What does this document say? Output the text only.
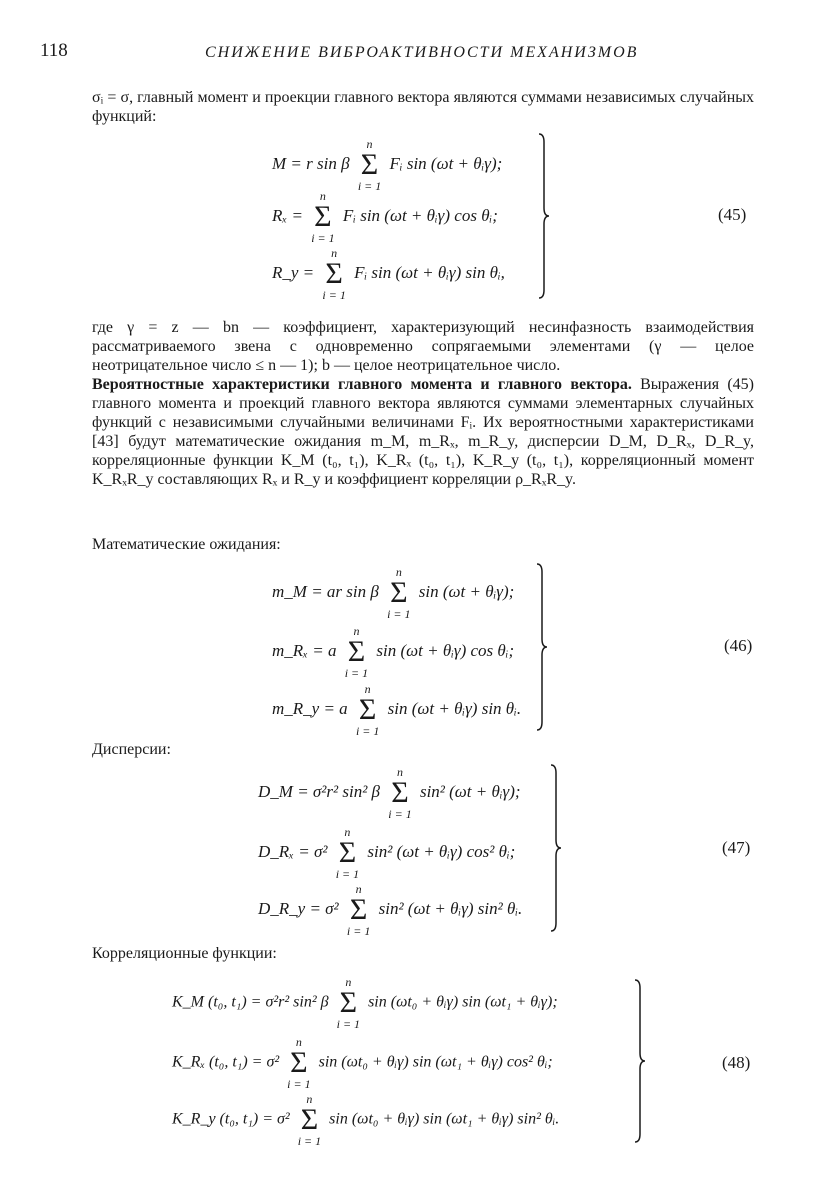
118	СНИЖЕНИЕ ВИБРОАКТИВНОСТИ МЕХАНИЗМОВ
σᵢ = σ, главный момент и проекции главного вектора являются суммами независимых случайных функций:
M = r sin β
n
Σ
i = 1
Fᵢ sin (ωt + θᵢγ);
Rₓ =
n
Σ
i = 1
Fᵢ sin (ωt + θᵢγ) cos θᵢ;
R_y =
n
Σ
i = 1
Fᵢ sin (ωt + θᵢγ) sin θᵢ,
(45)
где γ = z — bn — коэффициент, характеризующий несинфазность взаимодействия рассматриваемого звена с одновременно сопрягаемыми элементами (γ — целое неотрицательное число ≤ n — 1); b — целое неотрицательное число.
Вероятностные характеристики главного момента и главного вектора. Выражения (45) главного момента и проекций главного вектора являются суммами элементарных случайных функций с независимыми случайными величинами Fᵢ. Их вероятностными характеристиками [43] будут математические ожидания m_M, m_Rₓ, m_R_y, дисперсии D_M, D_Rₓ, D_R_y, корреляционные функции K_M (t₀, t₁), K_Rₓ (t₀, t₁), K_R_y (t₀, t₁), корреляционный момент K_RₓR_y составляющих Rₓ и R_y и коэффициент корреляции ρ_RₓR_y.
Математические ожидания:
m_M = ar sin β
n
Σ
i = 1
sin (ωt + θᵢγ);
m_Rₓ = a
n
Σ
i = 1
sin (ωt + θᵢγ) cos θᵢ;
m_R_y = a
n
Σ
i = 1
sin (ωt + θᵢγ) sin θᵢ.
(46)
Дисперсии:
D_M = σ²r² sin² β
n
Σ
i = 1
sin² (ωt + θᵢγ);
D_Rₓ = σ²
n
Σ
i = 1
sin² (ωt + θᵢγ) cos² θᵢ;
D_R_y = σ²
n
Σ
i = 1
sin² (ωt + θᵢγ) sin² θᵢ.
(47)
Корреляционные функции:
K_M (t₀, t₁) = σ²r² sin² β
n
Σ
i = 1
sin (ωt₀ + θᵢγ) sin (ωt₁ + θᵢγ);
K_Rₓ (t₀, t₁) = σ²
n
Σ
i = 1
sin (ωt₀ + θᵢγ) sin (ωt₁ + θᵢγ) cos² θᵢ;
K_R_y (t₀, t₁) = σ²
n
Σ
i = 1
sin (ωt₀ + θᵢγ) sin (ωt₁ + θᵢγ) sin² θᵢ.
(48)
